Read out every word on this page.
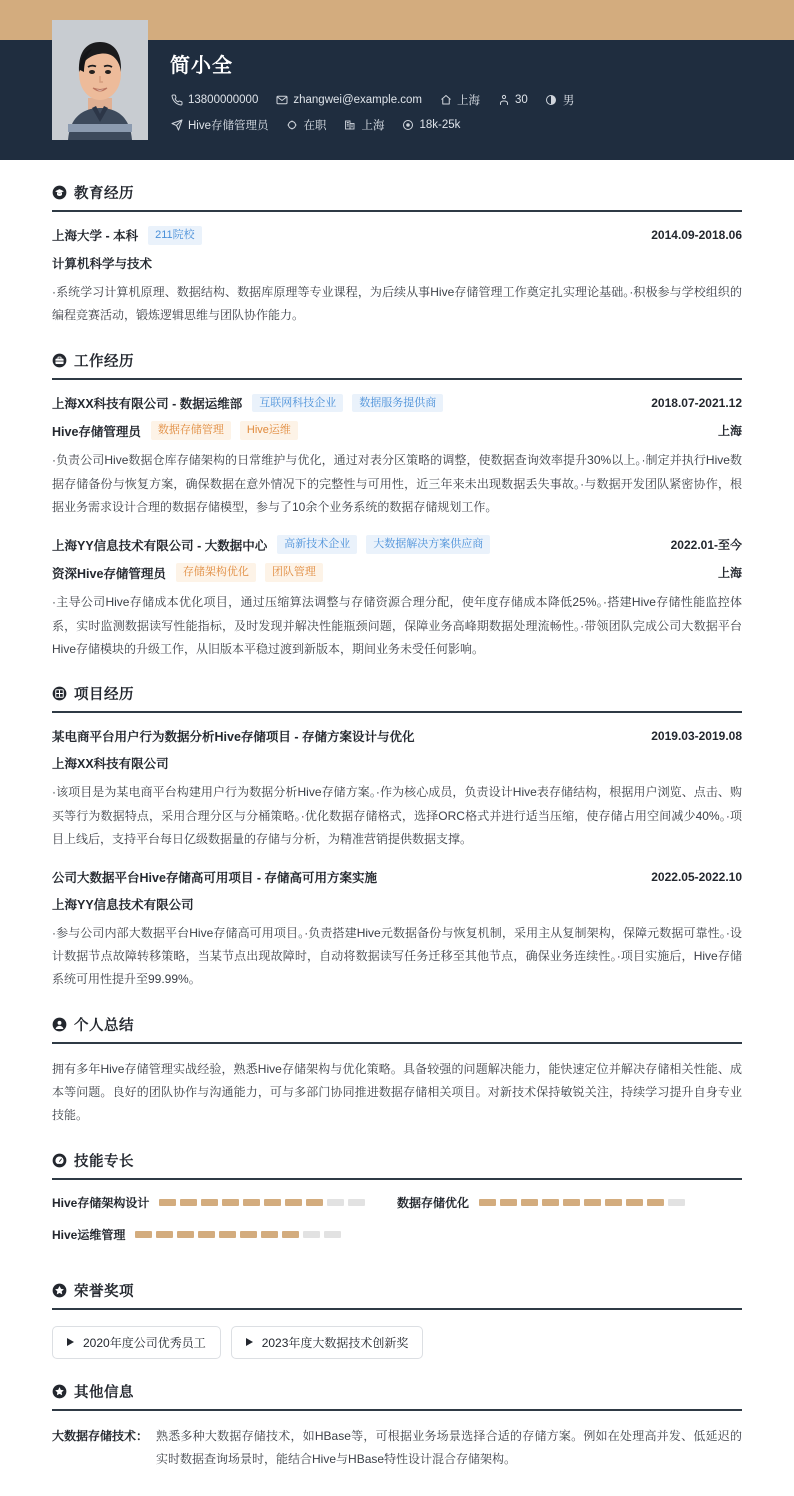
简小全
13800000000	zhangwei@example.com	上海	30	男
Hive存储管理员	在职	上海	18k-25k
教育经历
上海大学 - 本科	211院校	2014.09-2018.06
计算机科学与技术
·系统学习计算机原理、数据结构、数据库原理等专业课程，为后续从事Hive存储管理工作奠定扎实理论基础。·积极参与学校组织的编程竞赛活动，锻炼逻辑思维与团队协作能力。
工作经历
上海XX科技有限公司 - 数据运维部	互联网科技企业	数据服务提供商	2018.07-2021.12
Hive存储管理员	数据存储管理	Hive运维	上海
·负责公司Hive数据仓库存储架构的日常维护与优化，通过对表分区策略的调整，使数据查询效率提升30%以上。·制定并执行Hive数据存储备份与恢复方案，确保数据在意外情况下的完整性与可用性，近三年来未出现数据丢失事故。·与数据开发团队紧密协作，根据业务需求设计合理的数据存储模型，参与了10余个业务系统的数据存储规划工作。
上海YY信息技术有限公司 - 大数据中心	高新技术企业	大数据解决方案供应商	2022.01-至今
资深Hive存储管理员	存储架构优化	团队管理	上海
·主导公司Hive存储成本优化项目，通过压缩算法调整与存储资源合理分配，使年度存储成本降低25%。·搭建Hive存储性能监控体系，实时监测数据读写性能指标，及时发现并解决性能瓶颈问题，保障业务高峰期数据处理流畅性。·带领团队完成公司大数据平台Hive存储模块的升级工作，从旧版本平稳过渡到新版本，期间业务未受任何影响。
项目经历
某电商平台用户行为数据分析Hive存储项目 - 存储方案设计与优化	2019.03-2019.08
上海XX科技有限公司
·该项目是为某电商平台构建用户行为数据分析Hive存储方案。·作为核心成员，负责设计Hive表存储结构，根据用户浏览、点击、购买等行为数据特点，采用合理分区与分桶策略。·优化数据存储格式，选择ORC格式并进行适当压缩，使存储占用空间减少40%。·项目上线后，支持平台每日亿级数据量的存储与分析，为精准营销提供数据支撑。
公司大数据平台Hive存储高可用项目 - 存储高可用方案实施	2022.05-2022.10
上海YY信息技术有限公司
·参与公司内部大数据平台Hive存储高可用项目。·负责搭建Hive元数据备份与恢复机制，采用主从复制架构，保障元数据可靠性。·设计数据节点故障转移策略，当某节点出现故障时，自动将数据读写任务迁移至其他节点，确保业务连续性。·项目实施后，Hive存储系统可用性提升至99.99%。
个人总结
拥有多年Hive存储管理实战经验，熟悉Hive存储架构与优化策略。具备较强的问题解决能力，能快速定位并解决存储相关性能、成本等问题。良好的团队协作与沟通能力，可与多部门协同推进数据存储相关项目。对新技术保持敏锐关注，持续学习提升自身专业技能。
技能专长
Hive存储架构设计	数据存储优化
Hive运维管理
荣誉奖项
2020年度公司优秀员工	2023年度大数据技术创新奖
其他信息
大数据存储技术： 熟悉多种大数据存储技术，如HBase等，可根据业务场景选择合适的存储方案。例如在处理高并发、低延迟的实时数据查询场景时，能结合Hive与HBase特性设计混合存储架构。
